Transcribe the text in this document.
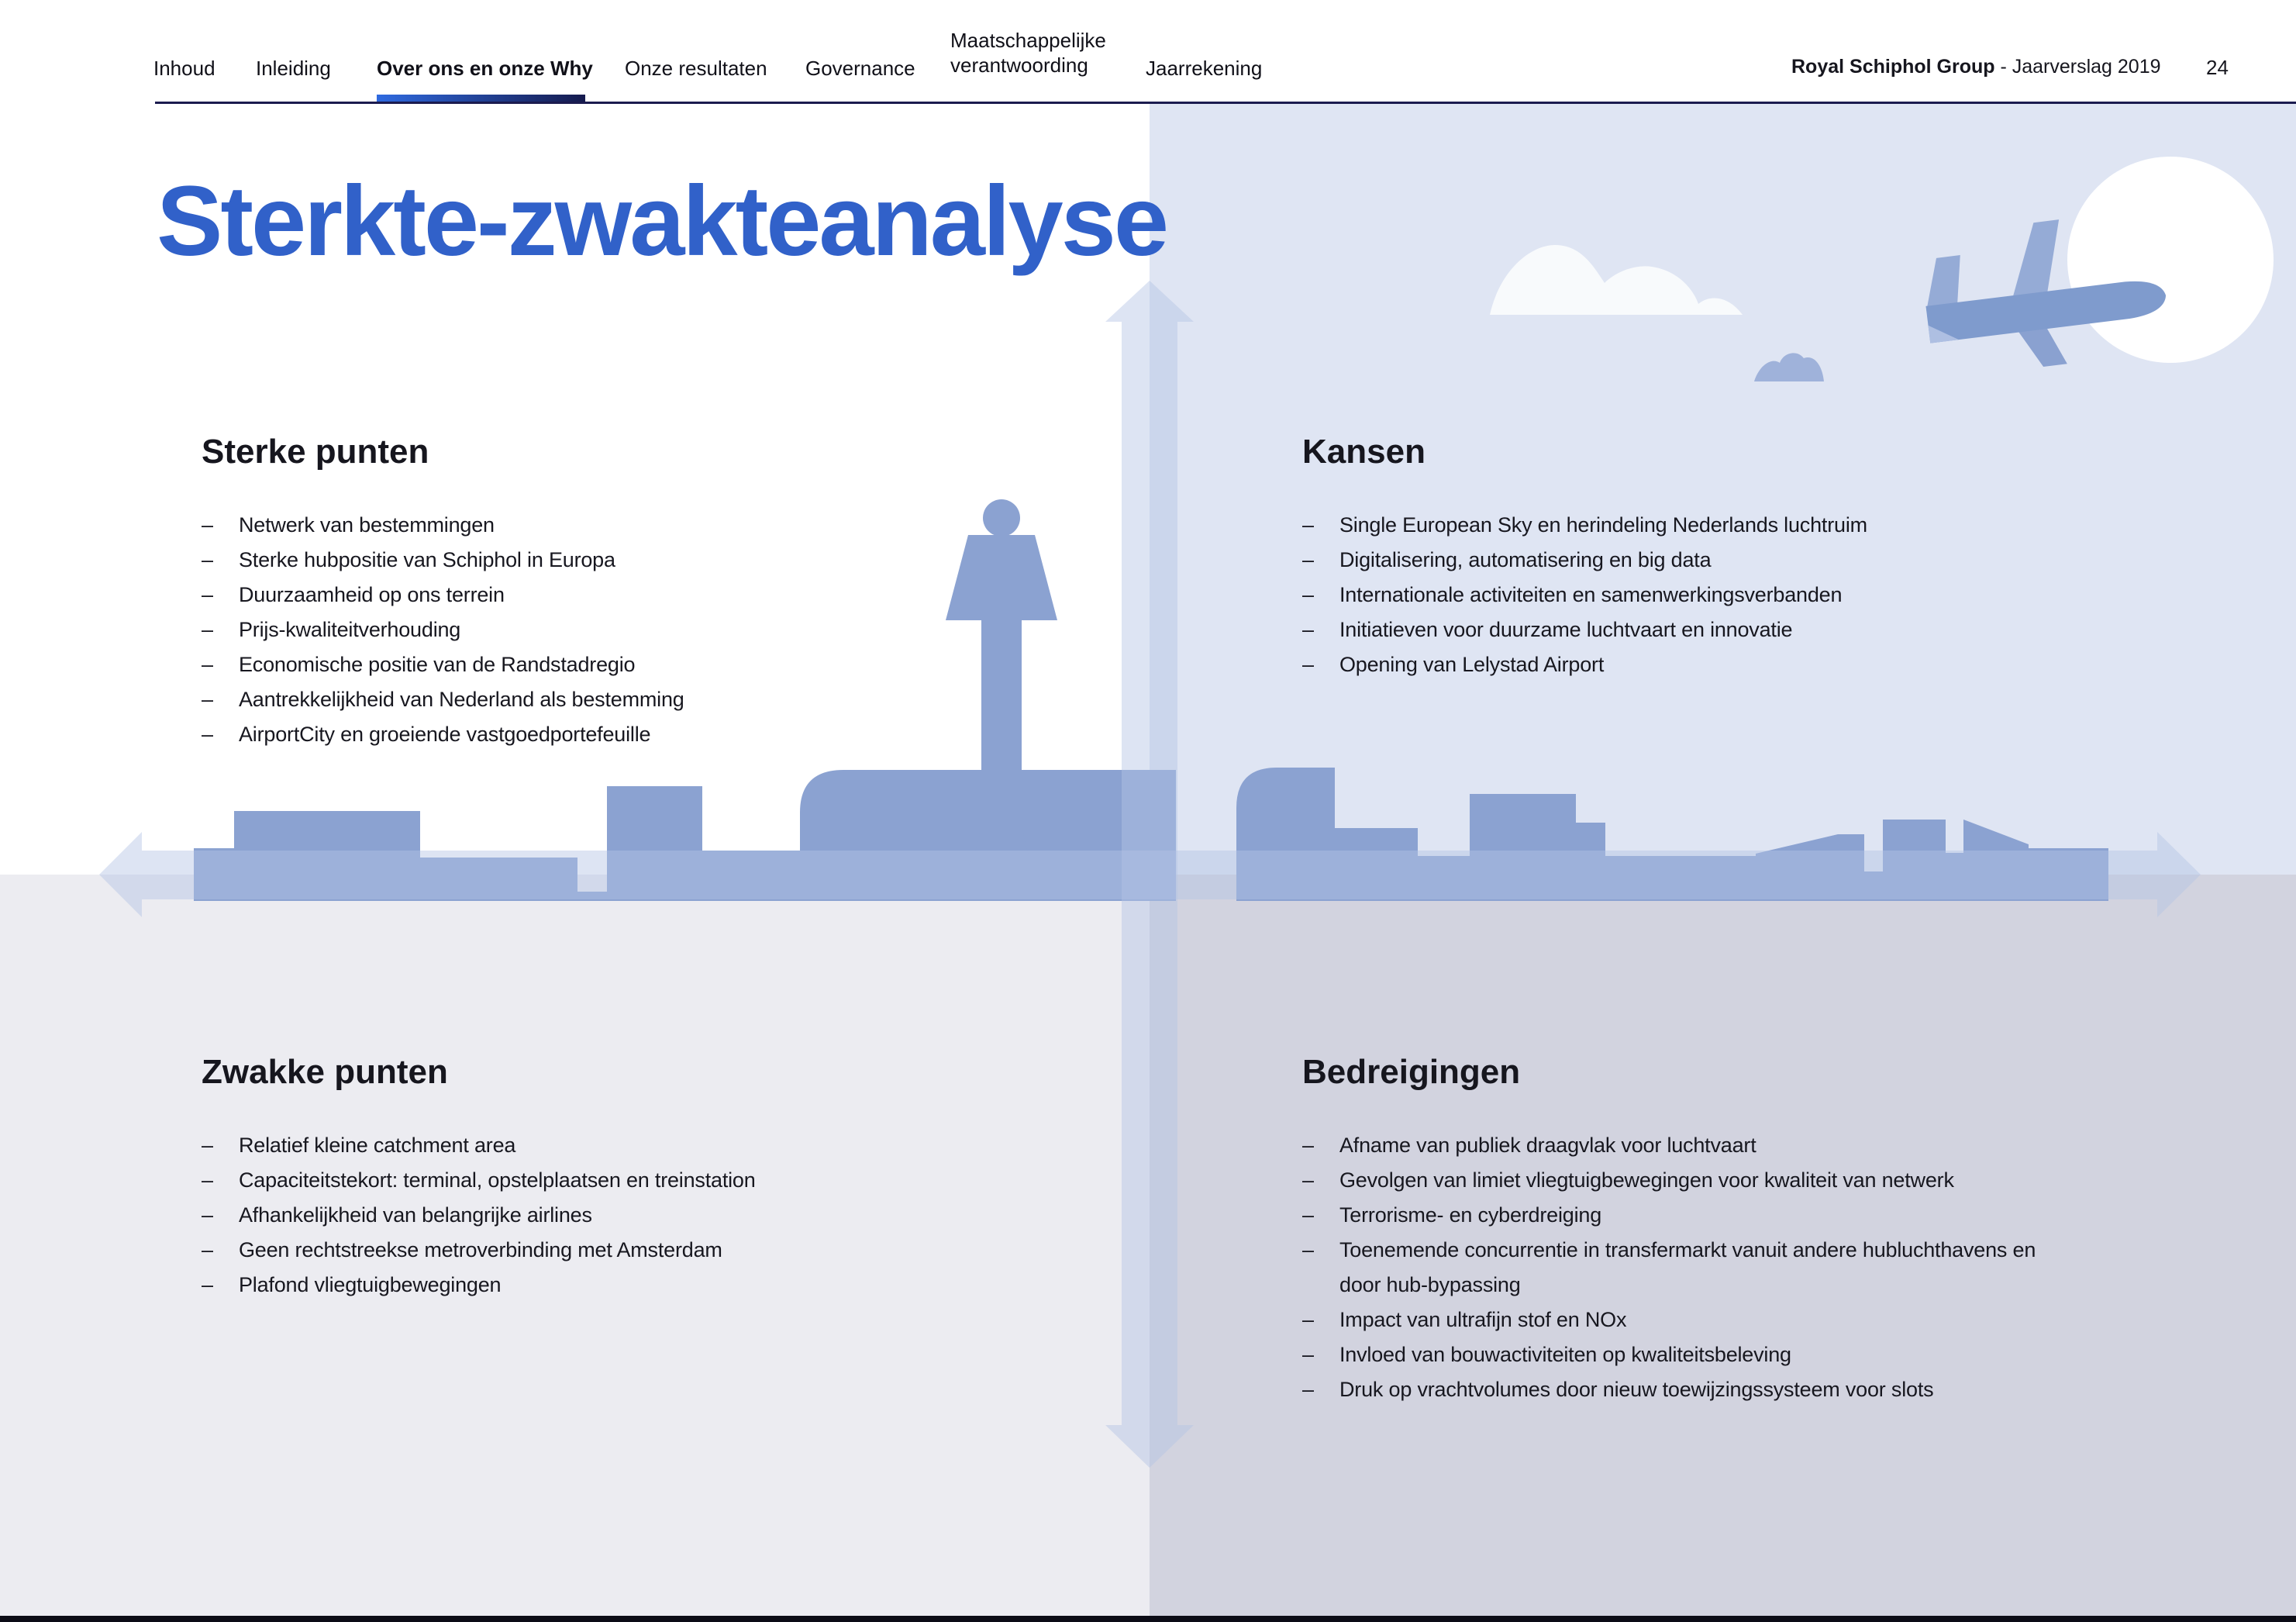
Inhoud Inleiding Over ons en onze Why Onze resultaten Governance
Maatschappelijke verantwoording	Jaarrekening	Royal Schiphol Group - Jaarverslag 2019 24
Sterkte-zwakteanalyse
Sterke punten
–	Netwerk van bestemmingen
–	Sterke hubpositie van Schiphol in Europa
–	Duurzaamheid op ons terrein
–	Prijs-kwaliteitverhouding
–	Economische positie van de Randstadregio
–	Aantrekkelijkheid van Nederland als bestemming
–	AirportCity en groeiende vastgoedportefeuille
Kansen
–	Single European Sky en herindeling Nederlands luchtruim
–	Digitalisering, automatisering en big data
–	Internationale activiteiten en samenwerkingsverbanden
–	Initiatieven voor duurzame luchtvaart en innovatie
–	Opening van Lelystad Airport
Zwakke punten
–	Relatief kleine catchment area
–	Capaciteitstekort: terminal, opstelplaatsen en treinstation
–	Afhankelijkheid van belangrijke airlines
–	Geen rechtstreekse metroverbinding met Amsterdam
–	Plafond vliegtuigbewegingen
Bedreigingen
–	Afname van publiek draagvlak voor luchtvaart
–	Gevolgen van limiet vliegtuigbewegingen voor kwaliteit van netwerk
–	Terrorisme- en cyberdreiging
–	Toenemende concurrentie in transfermarkt vanuit andere hubluchthavens en door hub-bypassing
–	Impact van ultrafijn stof en NOx
–	Invloed van bouwactiviteiten op kwaliteitsbeleving
–	Druk op vrachtvolumes door nieuw toewijzingssysteem voor slots
